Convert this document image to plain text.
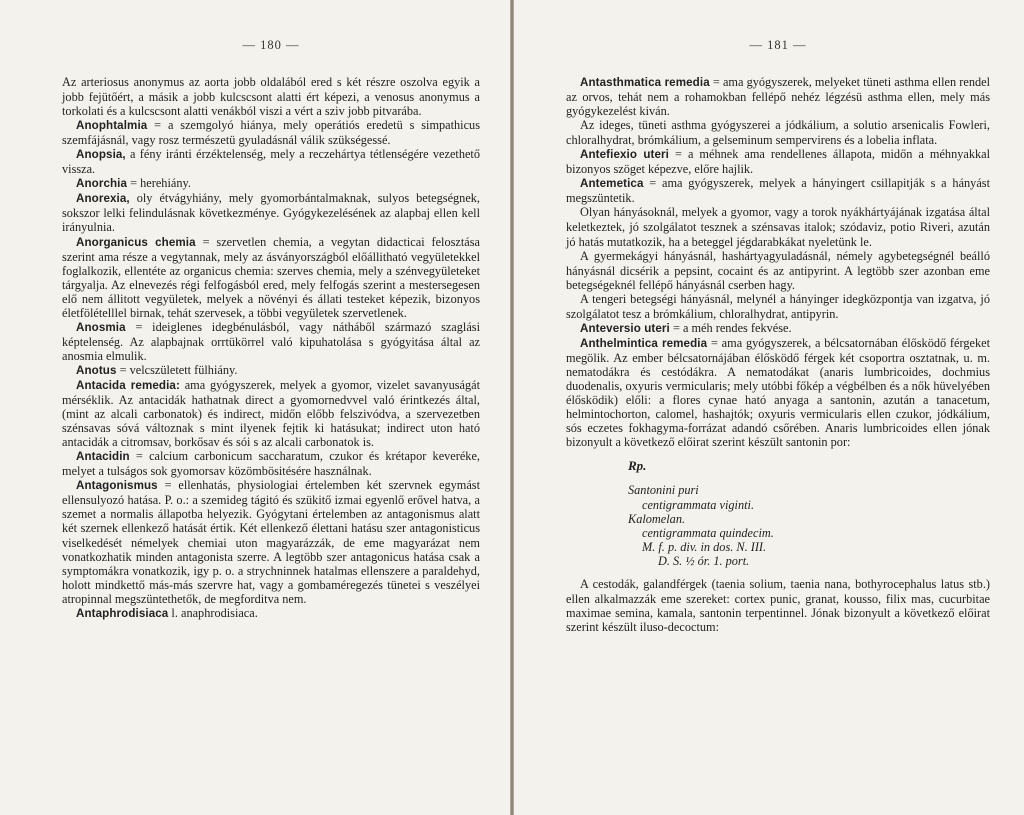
— 180 —

Az arteriosus anonymus az aorta jobb oldalából ered s két részre oszolva egyik a jobb fejütőért, a másik a jobb kulcscsont alatti ért képezi, a venosus anonymus a torkolati és a kulcscsont alatti venákból viszi a vért a sziv jobb pitvarába.

Anophtalmia = a szemgolyó hiánya, mely operátiós eredetü s simpathicus szemfájásnál, vagy rosz természetü gyuladásnál válik szükségessé.

Anopsia, a fény iránti érzéktelenség, mely a reczehártya tétlenségére vezethető vissza.

Anorchia = herehiány.

Anorexia, oly étvágyhiány, mely gyomorbántalmaknak, sulyos betegségnek, sokszor lelki felindulásnak következménye. Gyógykezelésének az alapbaj ellen kell irányulnia.

Anorganicus chemia = szervetlen chemia, a vegytan didacticai felosztása szerint ama része a vegytannak, mely az ásványországból előállitható vegyületekkel foglalkozik, ellentéte az organicus chemia: szerves chemia, mely a szénvegyületeket tárgyalja. Az elnevezés régi felfogásból ered, mely felfogás szerint a mestersegesen elő nem állitott vegyületek, melyek a növényi és állati testeket képezik, bizonyos életfölételllel birnak, tehát szervesek, a többi vegyületek szervetlenek.

Anosmia = ideiglenes idegbénulásból, vagy nátháből származó szaglási képtelenség. Az alapbajnak orrtükörrel való kipuhatolása s gyógyitása által az anosmia elmulik.

Anotus = velcszületett fülhiány.

Antacida remedia: ama gyógyszerek, melyek a gyomor, vizelet savanyuságát mérséklik. Az antacidák hathatnak direct a gyomornedvvel való érintkezés által, (mint az alcali carbonatok) és indirect, midőn előbb felszivódva, a szervezetben szénsavas sóvá változnak s mint ilyenek fejtik ki hatásukat; indirect uton ható antacidák a citromsav, borkősav és sói s az alcali carbonatok is.

Antacidin = calcium carbonicum saccharatum, czukor és krétapor keveréke, melyet a tulságos sok gyomorsav közömbösitésére használnak.

Antagonismus = ellenhatás, physiologiai értelemben két szervnek egymást ellensulyozó hatása. P. o.: a szemideg tágitó és szükitő izmai egyenlő erővel hatva, a szemet a normalis állapotba helyezik. Gyógytani értelemben az antagonismus alatt két szernek ellenkező hatását értik. Két ellenkező élettani hatásu szer antagonisticus viselkedését némelyek chemiai uton magyarázzák, de eme magyarázat nem vonatkozhatik minden antagonista szerre. A legtöbb szer antagonicus hatása csak a symptomákra vonatkozik, igy p. o. a strychninnek hatalmas ellenszere a paraldehyd, holott mindkettő más-más szervre hat, vagy a gombaméregezés tünetei s veszélyei atropinnal megszüntethetők, de megforditva nem.

Antaphrodisiaca l. anaphrodisiaca.

— 181 —

Antasthmatica remedia = ama gyógyszerek, melyeket tüneti asthma ellen rendel az orvos, tehát nem a rohamokban fellépő nehéz légzésü asthma ellen, mely más gyógykezelést kiván.

Az ideges, tüneti asthma gyógyszerei a jódkálium, a solutio arsenicalis Fowleri, chloralhydrat, brómkálium, a gelseminum sempervirens és a lobelia inflata.

Antefiexio uteri = a méhnek ama rendellenes állapota, midőn a méhnyakkal bizonyos szöget képezve, előre hajlik.

Antemetica = ama gyógyszerek, melyek a hányingert csillapitják s a hányást megszüntetik.

Olyan hányásoknál, melyek a gyomor, vagy a torok nyákhártyájának izgatása által keletkeztek, jó szolgálatot tesznek a szénsavas italok; szódaviz, potio Riveri, azután jó hatás mutatkozik, ha a beteggel jégdarabkákat nyeletünk le.

A gyermekágyi hányásnál, hashártyagyuladásnál, némely agybetegségnél beálló hányásnál dicsérik a pepsint, cocaint és az antipyrint. A legtöbb szer azonban eme betegségeknél fellépő hányásnál cserben hagy.

A tengeri betegségi hányásnál, melynél a hányinger idegközpontja van izgatva, jó szolgálatot tesz a brómkálium, chloralhydrat, antipyrin.

Anteversio uteri = a méh rendes fekvése.

Anthelmintica remedia = ama gyógyszerek, a bélcsatornában élősködő férgeket megölik. Az ember bélcsatornájában élősködő férgek két csoportra osztatnak, u. m. nematodákra és cestódákra. A nematodákat (anaris lumbricoides, dochmius duodenalis, oxyuris vermicularis; mely utóbbi főkép a végbélben és a nők hüvelyében élősködik) előli: a flores cynae ható anyaga a santonin, azután a tanacetum, helmintochorton, calomel, hashajtók; oxyuris vermicularis ellen czukor, jódkálium, sós eczetes fokhagyma-forrázat adandó csőrében. Anaris lumbricoides ellen jónak bizonyult a következő előirat szerint készült santonin por:

Rp.
Santonini puri
centigrammata viginti.
Kalomelan.
centigrammata quindecim.
M. f. p. div. in dos. N. III.
D. S. ½ ór. 1. port.

A cestodák, galandférgek (taenia solium, taenia nana, bothyrocephalus latus stb.) ellen alkalmazzák eme szereket: cortex punic, granat, kousso, filix mas, cucurbitae maximae semina, kamala, santonin terpentinnel. Jónak bizonyult a következő előirat szerint készült iluso-decoctum:
